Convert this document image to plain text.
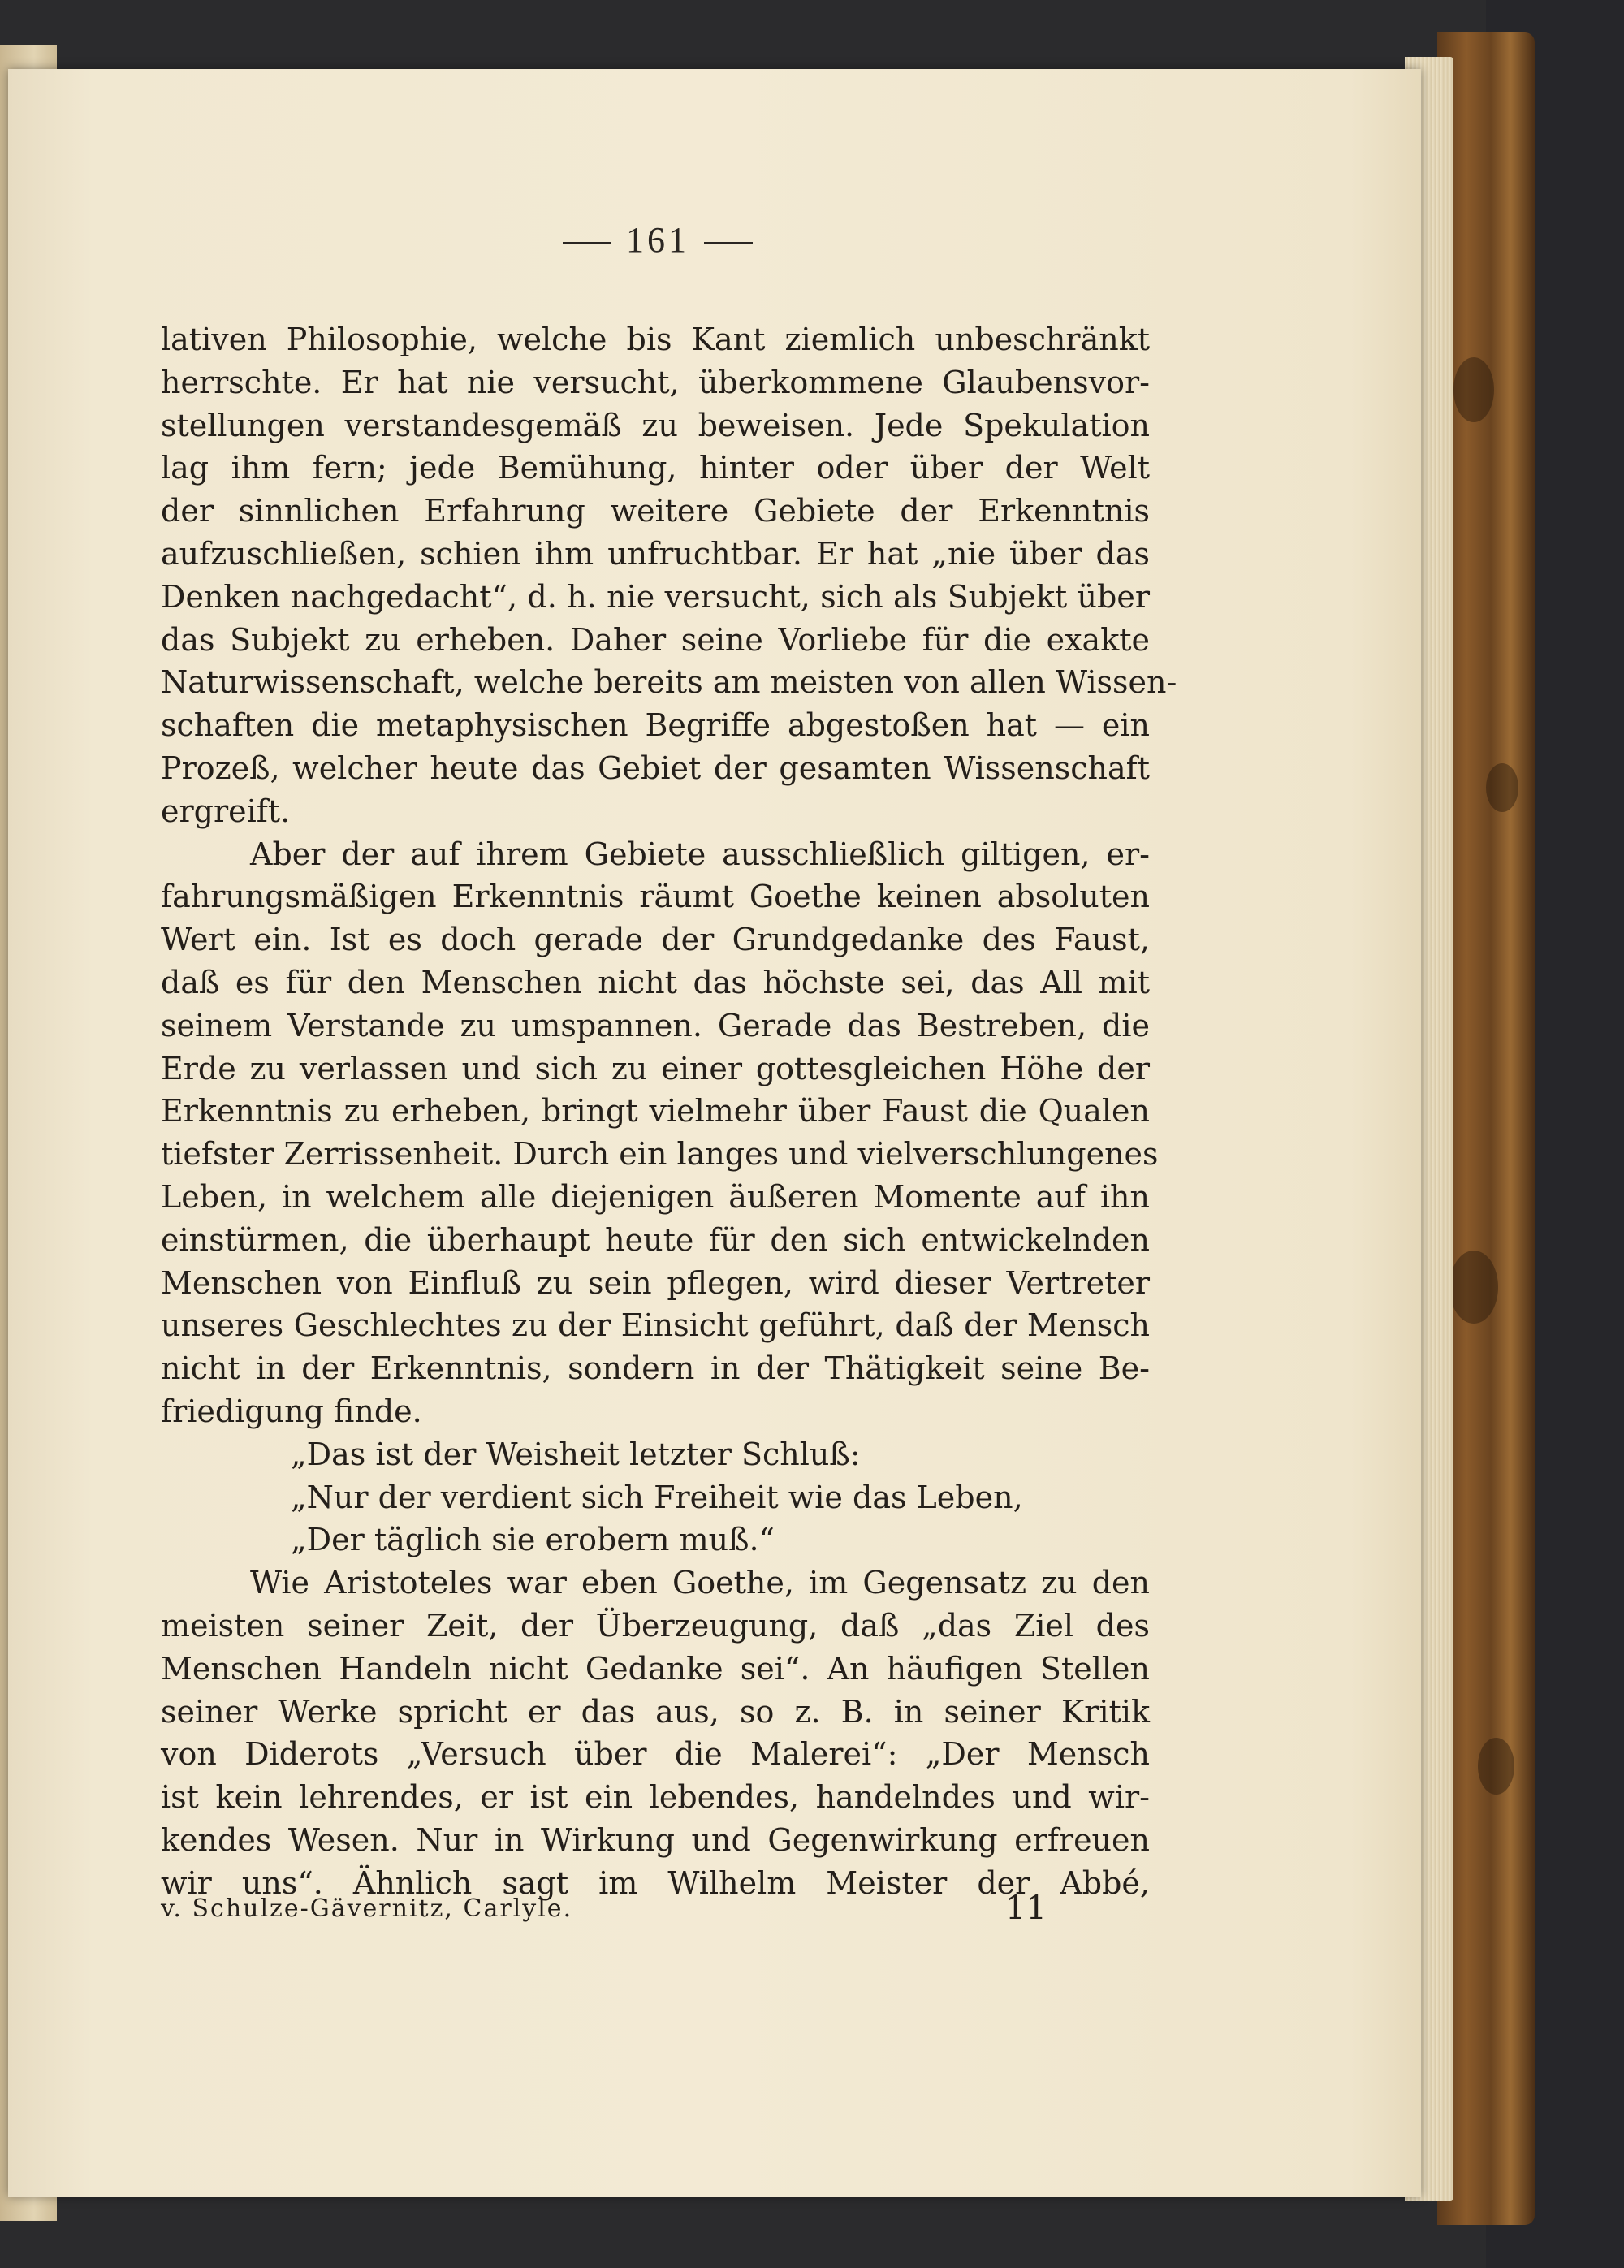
161
lativen Philosophie, welche bis Kant ziemlich unbeschränkt
herrschte. Er hat nie versucht, überkommene Glaubensvor-
stellungen verstandesgemäß zu beweisen. Jede Spekulation
lag ihm fern; jede Bemühung, hinter oder über der Welt
der sinnlichen Erfahrung weitere Gebiete der Erkenntnis
aufzuschließen, schien ihm unfruchtbar. Er hat „nie über das
Denken nachgedacht“, d. h. nie versucht, sich als Subjekt über
das Subjekt zu erheben. Daher seine Vorliebe für die exakte
Naturwissenschaft, welche bereits am meisten von allen Wissen-
schaften die metaphysischen Begriffe abgestoßen hat — ein
Prozeß, welcher heute das Gebiet der gesamten Wissenschaft
ergreift.
Aber der auf ihrem Gebiete ausschließlich giltigen, er-
fahrungsmäßigen Erkenntnis räumt Goethe keinen absoluten
Wert ein. Ist es doch gerade der Grundgedanke des Faust,
daß es für den Menschen nicht das höchste sei, das All mit
seinem Verstande zu umspannen. Gerade das Bestreben, die
Erde zu verlassen und sich zu einer gottesgleichen Höhe der
Erkenntnis zu erheben, bringt vielmehr über Faust die Qualen
tiefster Zerrissenheit. Durch ein langes und vielverschlungenes
Leben, in welchem alle diejenigen äußeren Momente auf ihn
einstürmen, die überhaupt heute für den sich entwickelnden
Menschen von Einfluß zu sein pflegen, wird dieser Vertreter
unseres Geschlechtes zu der Einsicht geführt, daß der Mensch
nicht in der Erkenntnis, sondern in der Thätigkeit seine Be-
friedigung finde.
„Das ist der Weisheit letzter Schluß:
„Nur der verdient sich Freiheit wie das Leben,
„Der täglich sie erobern muß.“
Wie Aristoteles war eben Goethe, im Gegensatz zu den
meisten seiner Zeit, der Überzeugung, daß „das Ziel des
Menschen Handeln nicht Gedanke sei“. An häufigen Stellen
seiner Werke spricht er das aus, so z. B. in seiner Kritik
von Diderots „Versuch über die Malerei“: „Der Mensch
ist kein lehrendes, er ist ein lebendes, handelndes und wir-
kendes Wesen. Nur in Wirkung und Gegenwirkung erfreuen
wir uns“. Ähnlich sagt im Wilhelm Meister der Abbé,
v. Schulze-Gävernitz, Carlyle.	11
